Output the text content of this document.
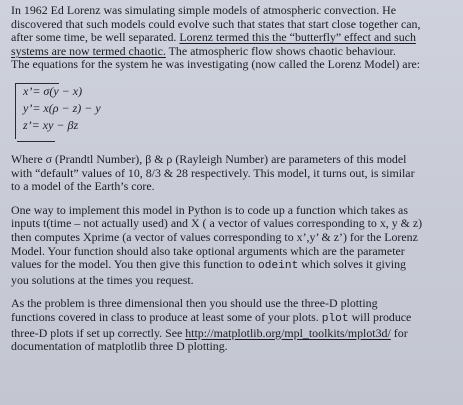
In 1962 Ed Lorenz was simulating simple models of atmospheric convection. He
discovered that such models could evolve such that states that start close together can,
after some time, be well separated. Lorenz termed this the “butterfly” effect and such
systems are now termed chaotic. The atmospheric flow shows chaotic behaviour.
The equations for the system he was investigating (now called the Lorenz Model) are:
x’= σ(y − x)
y’= x(ρ − z) − y
z’= xy − βz
Where σ (Prandtl Number), β & ρ (Rayleigh Number) are parameters of this model
with “default” values of 10, 8/3 & 28 respectively. This model, it turns out, is similar
to a model of the Earth’s core.
One way to implement this model in Python is to code up a function which takes as
inputs t(time – not actually used) and X ( a vector of values corresponding to x, y & z)
then computes Xprime (a vector of values corresponding to x’,y’ & z’) for the Lorenz
Model. Your function should also take optional arguments which are the parameter
values for the model. You then give this function to odeint which solves it giving
you solutions at the times you request.
As the problem is three dimensional then you should use the three-D plotting
functions covered in class to produce at least some of your plots. plot will produce
three-D plots if set up correctly. See http://matplotlib.org/mpl_toolkits/mplot3d/ for
documentation of matplotlib three D plotting.
